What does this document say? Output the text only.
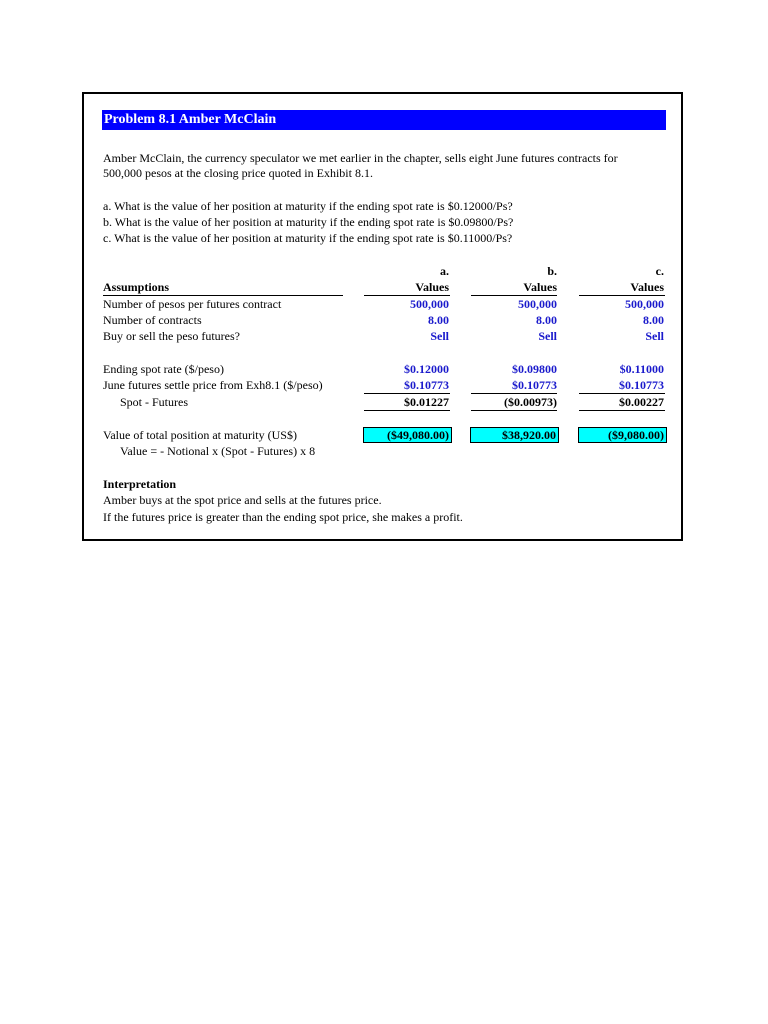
Problem 8.1 Amber McClain
Amber McClain, the currency speculator we met earlier in the chapter, sells eight June futures contracts for
500,000 pesos at the closing price quoted in Exhibit 8.1.
a. What is the value of her position at maturity if the ending spot rate is $0.12000/Ps?
b. What is the value of her position at maturity if the ending spot rate is $0.09800/Ps?
c. What is the value of her position at maturity if the ending spot rate is $0.11000/Ps?
a.	b.	c.
Assumptions	Values	Values	Values
Number of pesos per futures contract	500,000	500,000	500,000
Number of contracts	8.00	8.00	8.00
Buy or sell the peso futures?	Sell	Sell	Sell
Ending spot rate ($/peso)	$0.12000	$0.09800	$0.11000
June futures settle price from Exh8.1 ($/peso)	$0.10773	$0.10773	$0.10773
Spot - Futures	$0.01227	($0.00973)	$0.00227
Value of total position at maturity (US$)	($49,080.00)	$38,920.00	($9,080.00)
Value = - Notional x (Spot - Futures) x 8
Interpretation
Amber buys at the spot price and sells at the futures price.
If the futures price is greater than the ending spot price, she makes a profit.
